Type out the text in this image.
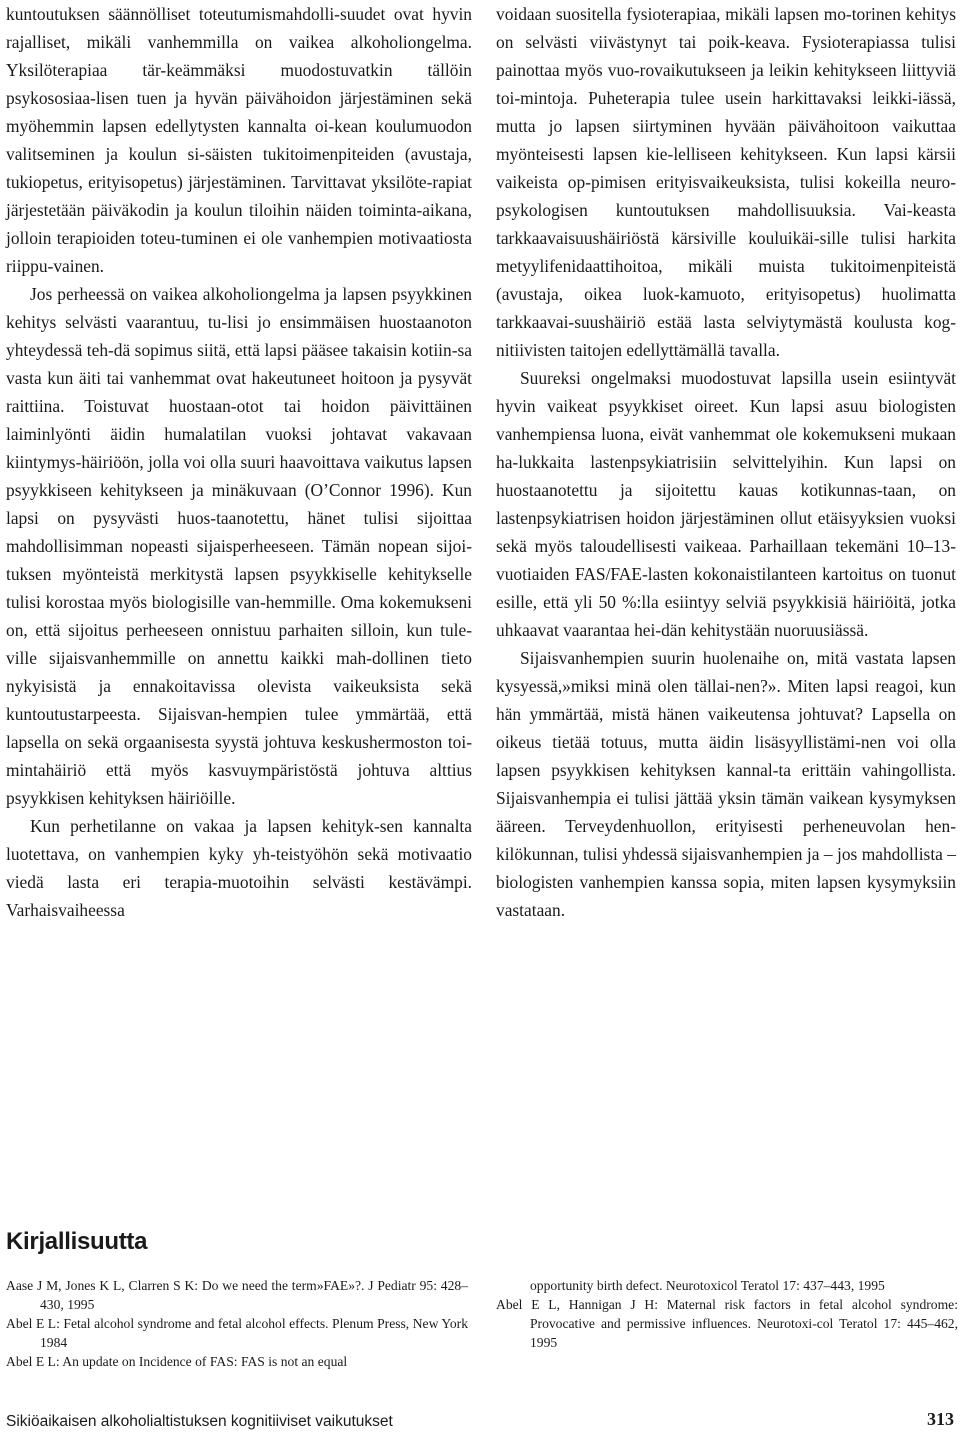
kuntoutuksen säännölliset toteutumismahdolli-suudet ovat hyvin rajalliset, mikäli vanhemmilla on vaikea alkoholiongelma. Yksilöterapiaa tär-keämmäksi muodostuvatkin tällöin psykososiaa-lisen tuen ja hyvän päivähoidon järjestäminen sekä myöhemmin lapsen edellytysten kannalta oi-kean koulumuodon valitseminen ja koulun si-säisten tukitoimenpiteiden (avustaja, tukiopetus, erityisopetus) järjestäminen. Tarvittavat yksilöte-rapiat järjestetään päiväkodin ja koulun tiloihin näiden toiminta-aikana, jolloin terapioiden toteu-tuminen ei ole vanhempien motivaatiosta riippu-vainen.

Jos perheessä on vaikea alkoholiongelma ja lapsen psyykkinen kehitys selvästi vaarantuu, tu-lisi jo ensimmäisen huostaanoton yhteydessä teh-dä sopimus siitä, että lapsi pääsee takaisin kotiin-sa vasta kun äiti tai vanhemmat ovat hakeutuneet hoitoon ja pysyvät raittiina. Toistuvat huostaan-otot tai hoidon päivittäinen laiminlyönti äidin humalatilan vuoksi johtavat vakavaan kiintymys-häiriöön, jolla voi olla suuri haavoittava vaikutus lapsen psyykkiseen kehitykseen ja minäkuvaan (O’Connor 1996). Kun lapsi on pysyvästi huos-taanotettu, hänet tulisi sijoittaa mahdollisimman nopeasti sijaisperheeseen. Tämän nopean sijoi-tuksen myönteistä merkitystä lapsen psyykkiselle kehitykselle tulisi korostaa myös biologisille van-hemmille. Oma kokemukseni on, että sijoitus perheeseen onnistuu parhaiten silloin, kun tule-ville sijaisvanhemmille on annettu kaikki mah-dollinen tieto nykyisistä ja ennakoitavissa olevista vaikeuksista sekä kuntoutustarpeesta. Sijaisvan-hempien tulee ymmärtää, että lapsella on sekä orgaanisesta syystä johtuva keskushermoston toi-mintahäiriö että myös kasvuympäristöstä johtuva alttius psyykkisen kehityksen häiriöille.

Kun perhetilanne on vakaa ja lapsen kehityk-sen kannalta luotettava, on vanhempien kyky yh-teistyöhön sekä motivaatio viedä lasta eri terapia-muotoihin selvästi kestävämpi. Varhaisvaiheessa

voidaan suositella fysioterapiaa, mikäli lapsen mo-torinen kehitys on selvästi viivästynyt tai poik-keava. Fysioterapiassa tulisi painottaa myös vuo-rovaikutukseen ja leikin kehitykseen liittyviä toi-mintoja. Puheterapia tulee usein harkittavaksi leikki-iässä, mutta jo lapsen siirtyminen hyvään päivähoitoon vaikuttaa myönteisesti lapsen kie-lelliseen kehitykseen. Kun lapsi kärsii vaikeista op-pimisen erityisvaikeuksista, tulisi kokeilla neuro-psykologisen kuntoutuksen mahdollisuuksia. Vai-keasta tarkkaavaisuushäiriöstä kärsiville kouluikäi-sille tulisi harkita metyylifenidaattihoitoa, mikäli muista tukitoimenpiteistä (avustaja, oikea luok-kamuoto, erityisopetus) huolimatta tarkkaavai-suushäiriö estää lasta selviytymästä koulusta kog-nitiivisten taitojen edellyttämällä tavalla.

Suureksi ongelmaksi muodostuvat lapsilla usein esiintyvät hyvin vaikeat psyykkiset oireet. Kun lapsi asuu biologisten vanhempiensa luona, eivät vanhemmat ole kokemukseni mukaan ha-lukkaita lastenpsykiatrisiin selvittelyihin. Kun lapsi on huostaanotettu ja sijoitettu kauas kotikunnas-taan, on lastenpsykiatrisen hoidon järjestäminen ollut etäisyyksien vuoksi sekä myös taloudellisesti vaikeaa. Parhaillaan tekemäni 10–13-vuotiaiden FAS/FAE-lasten kokonaistilanteen kartoitus on tuonut esille, että yli 50 %:lla esiintyy selviä psyykkisiä häiriöitä, jotka uhkaavat vaarantaa hei-dän kehitystään nuoruusiässä.

Sijaisvanhempien suurin huolenaihe on, mitä vastata lapsen kysyessä,»miksi minä olen tällai-nen?». Miten lapsi reagoi, kun hän ymmärtää, mistä hänen vaikeutensa johtuvat? Lapsella on oikeus tietää totuus, mutta äidin lisäsyyllistämi-nen voi olla lapsen psyykkisen kehityksen kannal-ta erittäin vahingollista. Sijaisvanhempia ei tulisi jättää yksin tämän vaikean kysymyksen ääreen. Terveydenhuollon, erityisesti perheneuvolan hen-kilökunnan, tulisi yhdessä sijaisvanhempien ja – jos mahdollista – biologisten vanhempien kanssa sopia, miten lapsen kysymyksiin vastataan.

Kirjallisuutta
Aase J M, Jones K L, Clarren S K: Do we need the term»FAE»?. J Pediatr 95: 428–430, 1995
Abel E L: Fetal alcohol syndrome and fetal alcohol effects. Plenum Press, New York 1984
Abel E L: An update on Incidence of FAS: FAS is not an equal
opportunity birth defect. Neurotoxicol Teratol 17: 437–443, 1995
Abel E L, Hannigan J H: Maternal risk factors in fetal alcohol syndrome: Provocative and permissive influences. Neurotoxi-col Teratol 17: 445–462, 1995
Sikiöaikaisen alkoholialtistuksen kognitiiviset vaikutukset	313
